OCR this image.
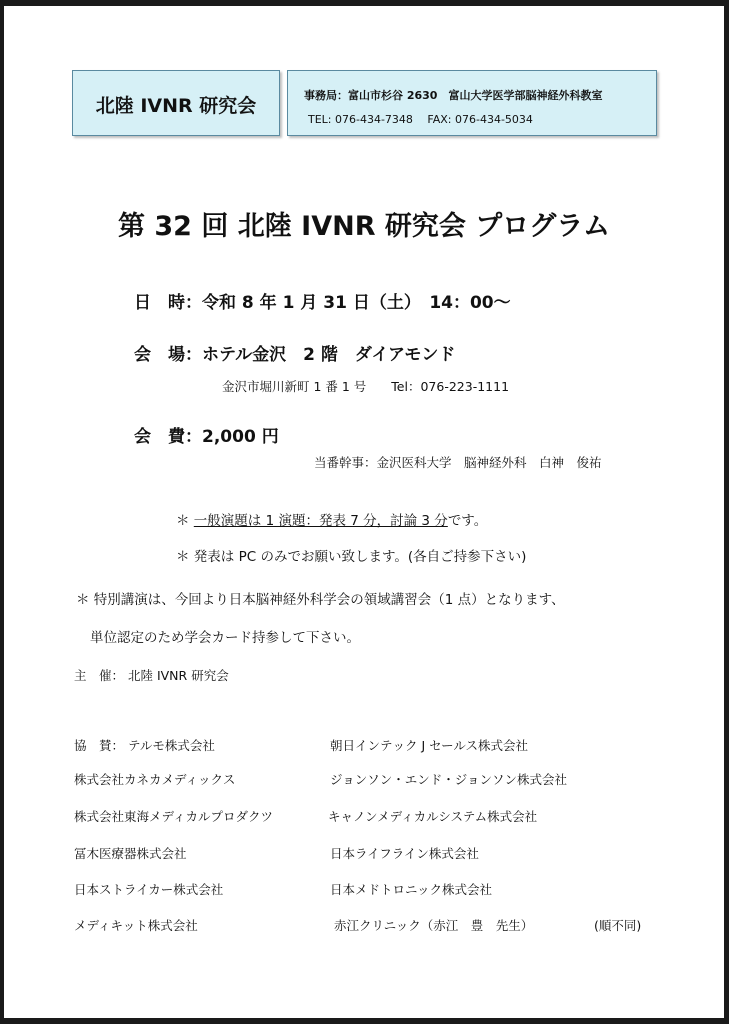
北陸 IVNR 研究会	事務局：富山市杉谷 2630　富山大学医学部脳神経外科教室
TEL: 076-434-7348　 FAX: 076-434-5034
第 32 回 北陸 IVNR 研究会 プログラム
日　時：令和 8 年 1 月 31 日（土）　14：00〜
会　場：ホテル金沢　2 階　ダイアモンド
金沢市堀川新町 1 番 1 号　　Tel：076-223-1111
会　費：2,000 円
当番幹事：金沢医科大学　脳神経外科　白神　俊祐
＊ 一般演題は 1 演題：発表 7 分，討論 3 分です。
＊ 発表は PC のみでお願い致します。(各自ご持参下さい)
＊ 特別講演は、今回より日本脳神経外科学会の領域講習会（1 点）となります、
単位認定のため学会カード持参して下さい。
主　催： 北陸 IVNR 研究会
協　賛： テルモ株式会社
株式会社カネカメディックス
株式会社東海メディカルプロダクツ
冨木医療器株式会社
日本ストライカー株式会社
メディキット株式会社
朝日インテック J セールス株式会社
ジョンソン・エンド・ジョンソン株式会社
キャノンメディカルシステム株式会社
日本ライフライン株式会社
日本メドトロニック株式会社
赤江クリニック（赤江　豊　先生）	(順不同)
